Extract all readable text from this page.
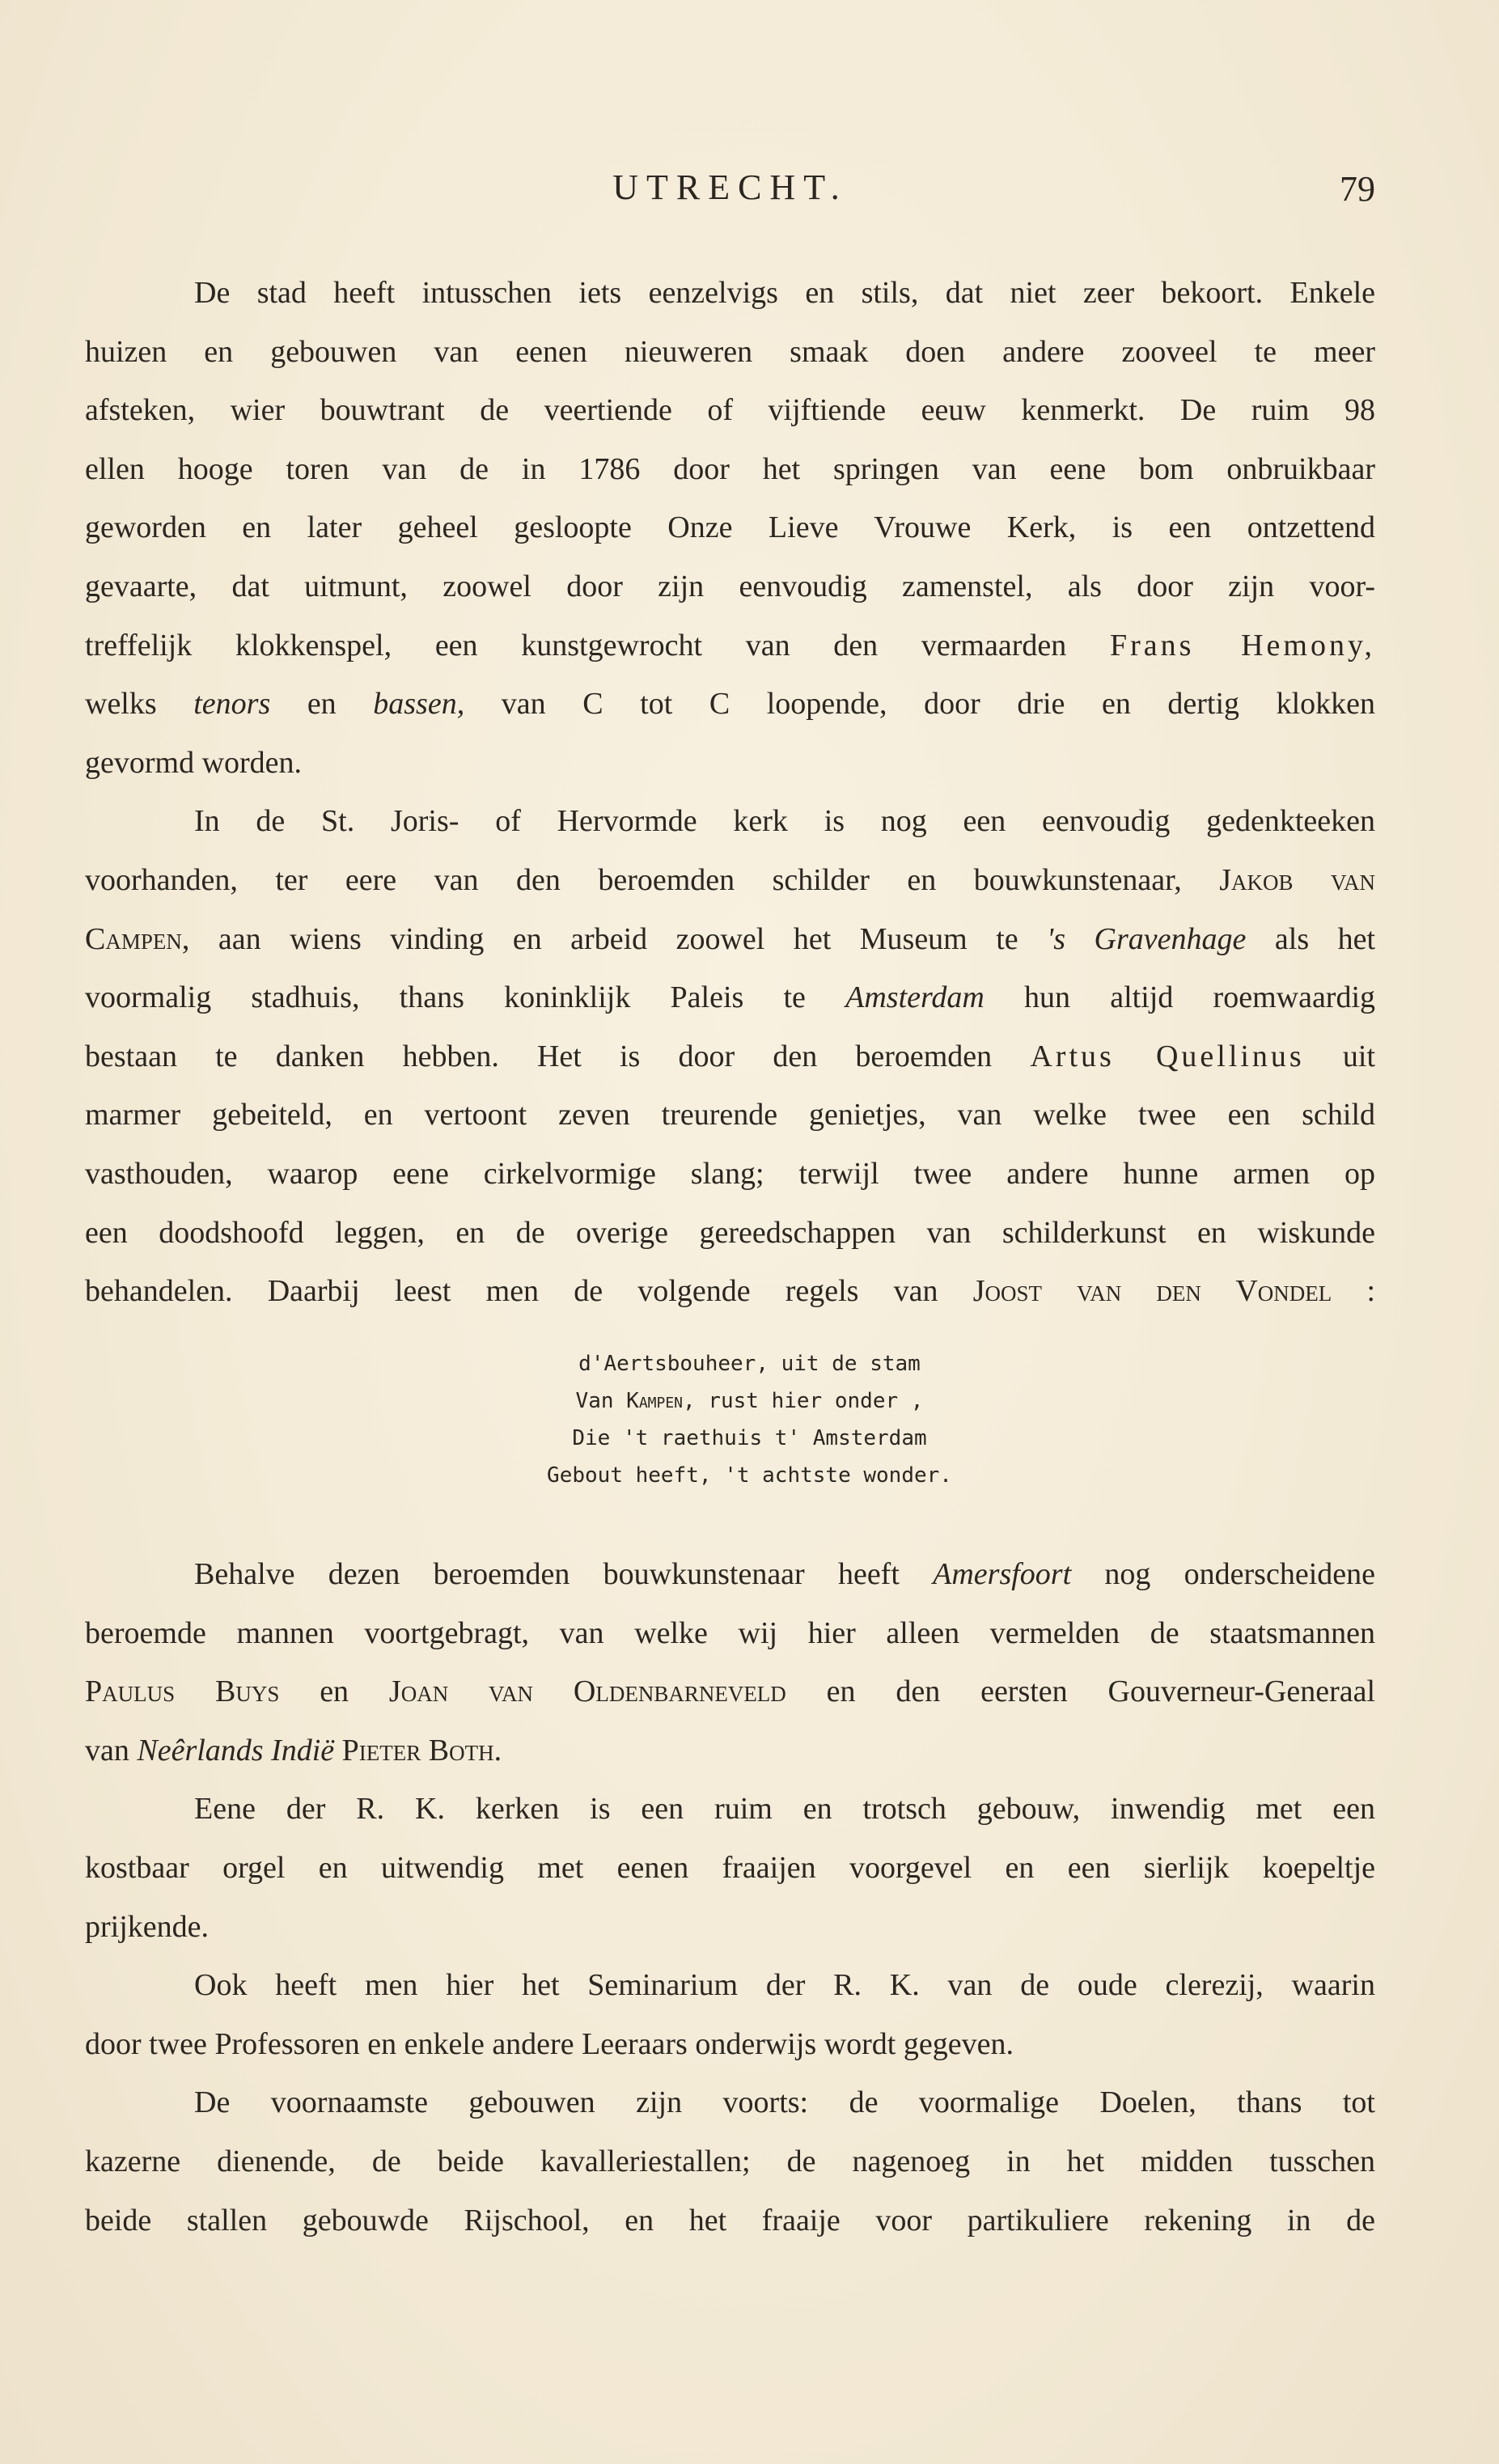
UTRECHT.	79
De stad heeft intusschen iets eenzelvigs en stils, dat niet zeer bekoort. Enkele
huizen en gebouwen van eenen nieuweren smaak doen andere zooveel te meer
afsteken, wier bouwtrant de veertiende of vijftiende eeuw kenmerkt. De ruim 98
ellen hooge toren van de in 1786 door het springen van eene bom onbruikbaar
geworden en later geheel gesloopte Onze Lieve Vrouwe Kerk, is een ontzettend
gevaarte, dat uitmunt, zoowel door zijn eenvoudig zamenstel, als door zijn voor-
treffelijk klokkenspel, een kunstgewrocht van den vermaarden Frans Hemony,
welks tenors en bassen, van C tot C loopende, door drie en dertig klokken
gevormd worden.
In de St. Joris- of Hervormde kerk is nog een eenvoudig gedenkteeken
voorhanden, ter eere van den beroemden schilder en bouwkunstenaar, Jakob van
Campen, aan wiens vinding en arbeid zoowel het Museum te 's Gravenhage als het
voormalig stadhuis, thans koninklijk Paleis te Amsterdam hun altijd roemwaardig
bestaan te danken hebben. Het is door den beroemden Artus Quellinus uit
marmer gebeiteld, en vertoont zeven treurende genietjes, van welke twee een schild
vasthouden, waarop eene cirkelvormige slang; terwijl twee andere hunne armen op
een doodshoofd leggen, en de overige gereedschappen van schilderkunst en wiskunde
behandelen. Daarbij leest men de volgende regels van Joost van den Vondel :
d'Aertsbouheer, uit de stam
Van Kampen, rust hier onder ,
Die 't raethuis t' Amsterdam
Gebout heeft, 't achtste wonder.
Behalve dezen beroemden bouwkunstenaar heeft Amersfoort nog onderscheidene
beroemde mannen voortgebragt, van welke wij hier alleen vermelden de staatsmannen
Paulus Buys en Joan van Oldenbarneveld en den eersten Gouverneur-Generaal
van Neêrlands Indië Pieter Both.
Eene der R. K. kerken is een ruim en trotsch gebouw, inwendig met een
kostbaar orgel en uitwendig met eenen fraaijen voorgevel en een sierlijk koepeltje
prijkende.
Ook heeft men hier het Seminarium der R. K. van de oude clerezij, waarin
door twee Professoren en enkele andere Leeraars onderwijs wordt gegeven.
De voornaamste gebouwen zijn voorts: de voormalige Doelen, thans tot
kazerne dienende, de beide kavalleriestallen; de nagenoeg in het midden tusschen
beide stallen gebouwde Rijschool, en het fraaije voor partikuliere rekening in de
